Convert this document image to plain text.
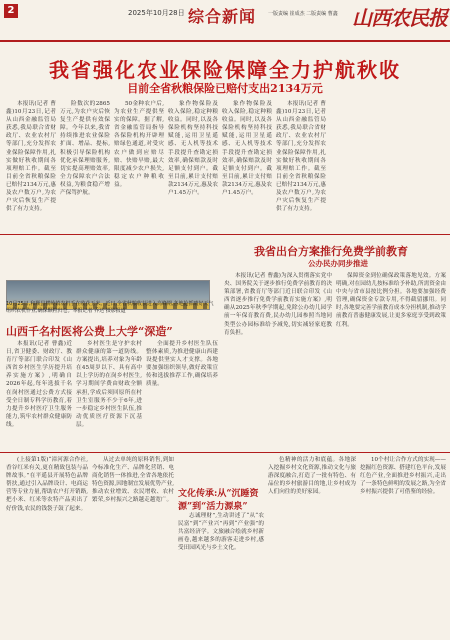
2	2025年10月28日 综合新闻 一版责编 崔成杰 二版责编 曹鑫 山西农民报
我省强化农业保险保障全力护航秋收
目前全省秋粮保险已赔付支出2134万元

本报讯(记者 曹鑫)10月23日,记者从山西金融监管局获悉,我局联合省财政厅、农业农村厅等部门,充分发挥农业保险保障作用,扎实做好秋收期间各项理赔工作。截至目前全省秋粮保险已赔付2134万元,惠及农户数万户,为农户灾后恢复生产提供了有力支持。

险数次的2865万元,为农户灾后恢复生产提供有效保障。今年以来,我省持续推进农业保险扩面、增品、提标,积极引导保险机构优化承保理赔服务,切实提高理赔效率,全力保障农户合法权益,为粮食稳产增产保驾护航。

50金种农户后,为农业生产提供坚实的保障。据了解,省金融监管局指导各保险机构开辟理赔绿色通道,对受灾农户做到应赔尽赔、快赔早赔,最大限度减少农户损失,稳定农户种粮收益。

象作物保险及收入保险,稳定种粮收益。同时,以及各保险机构坚持科技赋能,运用卫星遥感、无人机等技术手段提升查勘定损效率,确保赔款及时足额支付到户。截至目前,累计支付赔款2134万元,惠及农户1.45万户。

象作物保险及收入保险,稳定种粮收益。同时,以及各保险机构坚持科技赋能,运用卫星遥感、无人机等技术手段提升查勘定损效率,确保赔款及时足额支付到户。截至目前,累计支付赔款2134万元,惠及农户1.45万户。

本报讯(记者 曹鑫)10月23日,记者从山西金融监管局获悉,我局联合省财政厅、农业农村厅等部门,充分发挥农业保险保障作用,扎实做好秋收期间各项理赔工作。截至目前全省秋粮保险已赔付2134万元,惠及农户数万户,为农户灾后恢复生产提供了有力支持。

10月25日,和顺县横岭镇农机手在收获玉米。近日,全省秋粮收获进入高峰期,各地抢抓晴好天气组织农机作业,确保颗粒归仓。本报记者 乔达 摄影报道
我省出台方案推行免费学前教育
公办民办同步推进

本报讯(记者 曹鑫)为深入贯彻落实党中央、国务院关于逐步推行免费学前教育的决策部署,省教育厅等部门近日联合印发《山西省逐步推行免费学前教育实施方案》,明确从2025年秋季学期起,免除公办幼儿园学前一年保育教育费,民办幼儿园参照当地同类型公办园标准给予减免,切实减轻家庭教育负担。

保障资金到位确保政策落地见效。方案明确,对在园幼儿按标准给予补助,所需资金由中央与省市县按比例分担。各地要加强经费管理,确保资金专款专用,不得截留挪用。同时,各地要完善学前教育成本分担机制,推动学前教育普惠健康发展,让更多家庭享受到政策红利。

山西千名村医将公费上大学“深造”

本报讯(记者 曹鑫)近日,省卫健委、财政厅、教育厅等部门联合印发《山西省乡村医生学历提升培养实施方案》,明确自2026年起,每年选拔千名在岗村医通过公费方式接受全日制专科学历教育,着力提升乡村医疗卫生服务能力,筑牢农村群众健康防线。

乡村医生是守护农村群众健康的第一道防线。方案提出,培养对象为年龄在45周岁以下、具有高中以上学历的在岗乡村医生,学习期间学费由财政全额承担,学成后须回原所在村卫生室服务不少于6年,进一步稳定乡村医生队伍,推动优质医疗资源下沉基层。

全面提升乡村医生队伍整体素质,为推进健康山西建设提供坚实人才支撑。各地要加强组织领导,做好政策宣传和选拔推荐工作,确保培养质量。

(上接第1版)“漳河源合作社,香谷红米有关,更在精致包装与品牌故事。”在平遥县开展特色品牌帮扶,通过引入品牌设计、电商运营等专业力量,帮助农户打开销路,把小米、红米等农特产品卖出了好价钱,农民的钱袋子鼓了起来。

从过去单纯的原料销售,到如今标准化生产、品牌化营销、电商化销售一体推进,全省各地依托特色资源,因地制宜发展优势产业,推动农业增效、农民增收、农村繁荣,乡村振兴之路越走越宽广。

文化传承:从“沉睡资源”到“活力源泉”

志诚理财”,生动讲述了“从“农民富”到“产业兴”再到“产业强”的共富经济学。文旅融合绘就乡村新画卷,越来越多的游客走进乡村,感受田园风光与乡土文化。

色精神的活力和底蕴。各地深入挖掘乡村文化资源,推动文化与旅游深度融合,打造了一批有特色、有品位的乡村旅游目的地,让乡村成为人们向往的美好家园。

10个村让合作方式的实现——挖掘红色资源、搭建红色平台,发展红色产业,全面推进乡村振兴,走出了一条特色鲜明的发展之路,为全省乡村振兴提供了可借鉴的经验。
